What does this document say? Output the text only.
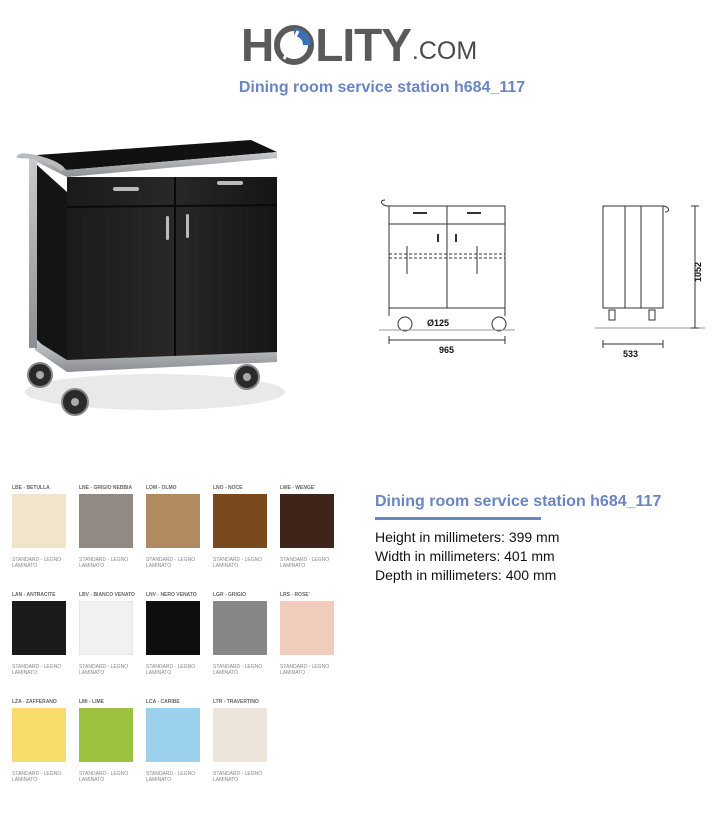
H LITY .COM
Dining room service station h684_117
Ø125
965
1052
533
LBE - BETULLA
STANDARD - LEGNO LAMINATO
LNE - GRIGIO NEBBIA
STANDARD - LEGNO LAMINATO
LOM - OLMO
STANDARD - LEGNO LAMINATO
LNO - NOCE
STANDARD - LEGNO LAMINATO
LWE - WENGE'
STANDARD - LEGNO LAMINATO
LAN - ANTRACITE
STANDARD - LEGNO LAMINATO
LBV - BIANCO VENATO
STANDARD - LEGNO LAMINATO
LNV - NERO VENATO
STANDARD - LEGNO LAMINATO
LGR - GRIGIO
STANDARD - LEGNO LAMINATO
LRS - ROSE'
STANDARD - LEGNO LAMINATO
LZA - ZAFFERANO
STANDARD - LEGNO LAMINATO
LMI - LIME
STANDARD - LEGNO LAMINATO
LCA - CARIBE
STANDARD - LEGNO LAMINATO
LTR - TRAVERTINO
STANDARD - LEGNO LAMINATO
Dining room service station h684_117
Height in millimeters: 399 mm
Width in millimeters: 401 mm
Depth in millimeters: 400 mm
